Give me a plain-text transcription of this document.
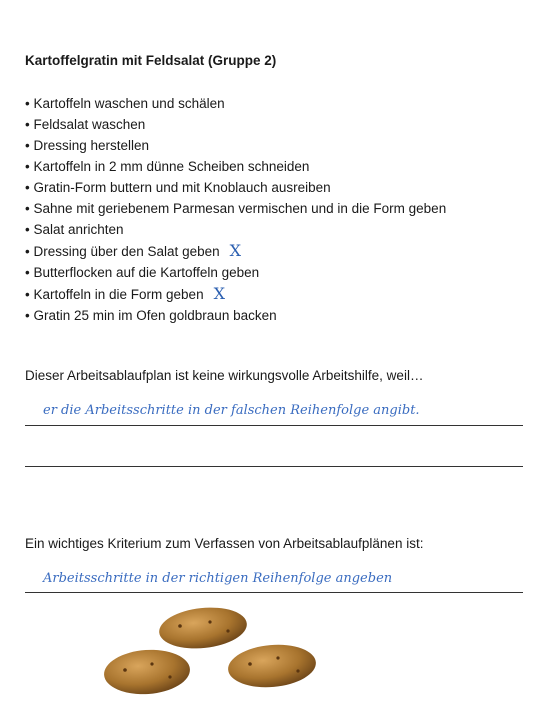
Kartoffelgratin mit Feldsalat (Gruppe 2)
• Kartoffeln waschen und schälen
• Feldsalat waschen
• Dressing herstellen
• Kartoffeln in 2 mm dünne Scheiben schneiden
• Gratin-Form buttern und mit Knoblauch ausreiben
• Sahne mit geriebenem Parmesan vermischen und in die Form geben
• Salat anrichten
• Dressing über den Salat geben X
• Butterflocken auf die Kartoffeln geben
• Kartoffeln in die Form geben X
• Gratin 25 min im Ofen goldbraun backen
Dieser Arbeitsablaufplan ist keine wirkungsvolle Arbeitshilfe, weil…
er die Arbeitsschritte in der falschen Reihenfolge angibt.
Ein wichtiges Kriterium zum Verfassen von Arbeitsablaufplänen ist:
Arbeitsschritte in der richtigen Reihenfolge angeben
